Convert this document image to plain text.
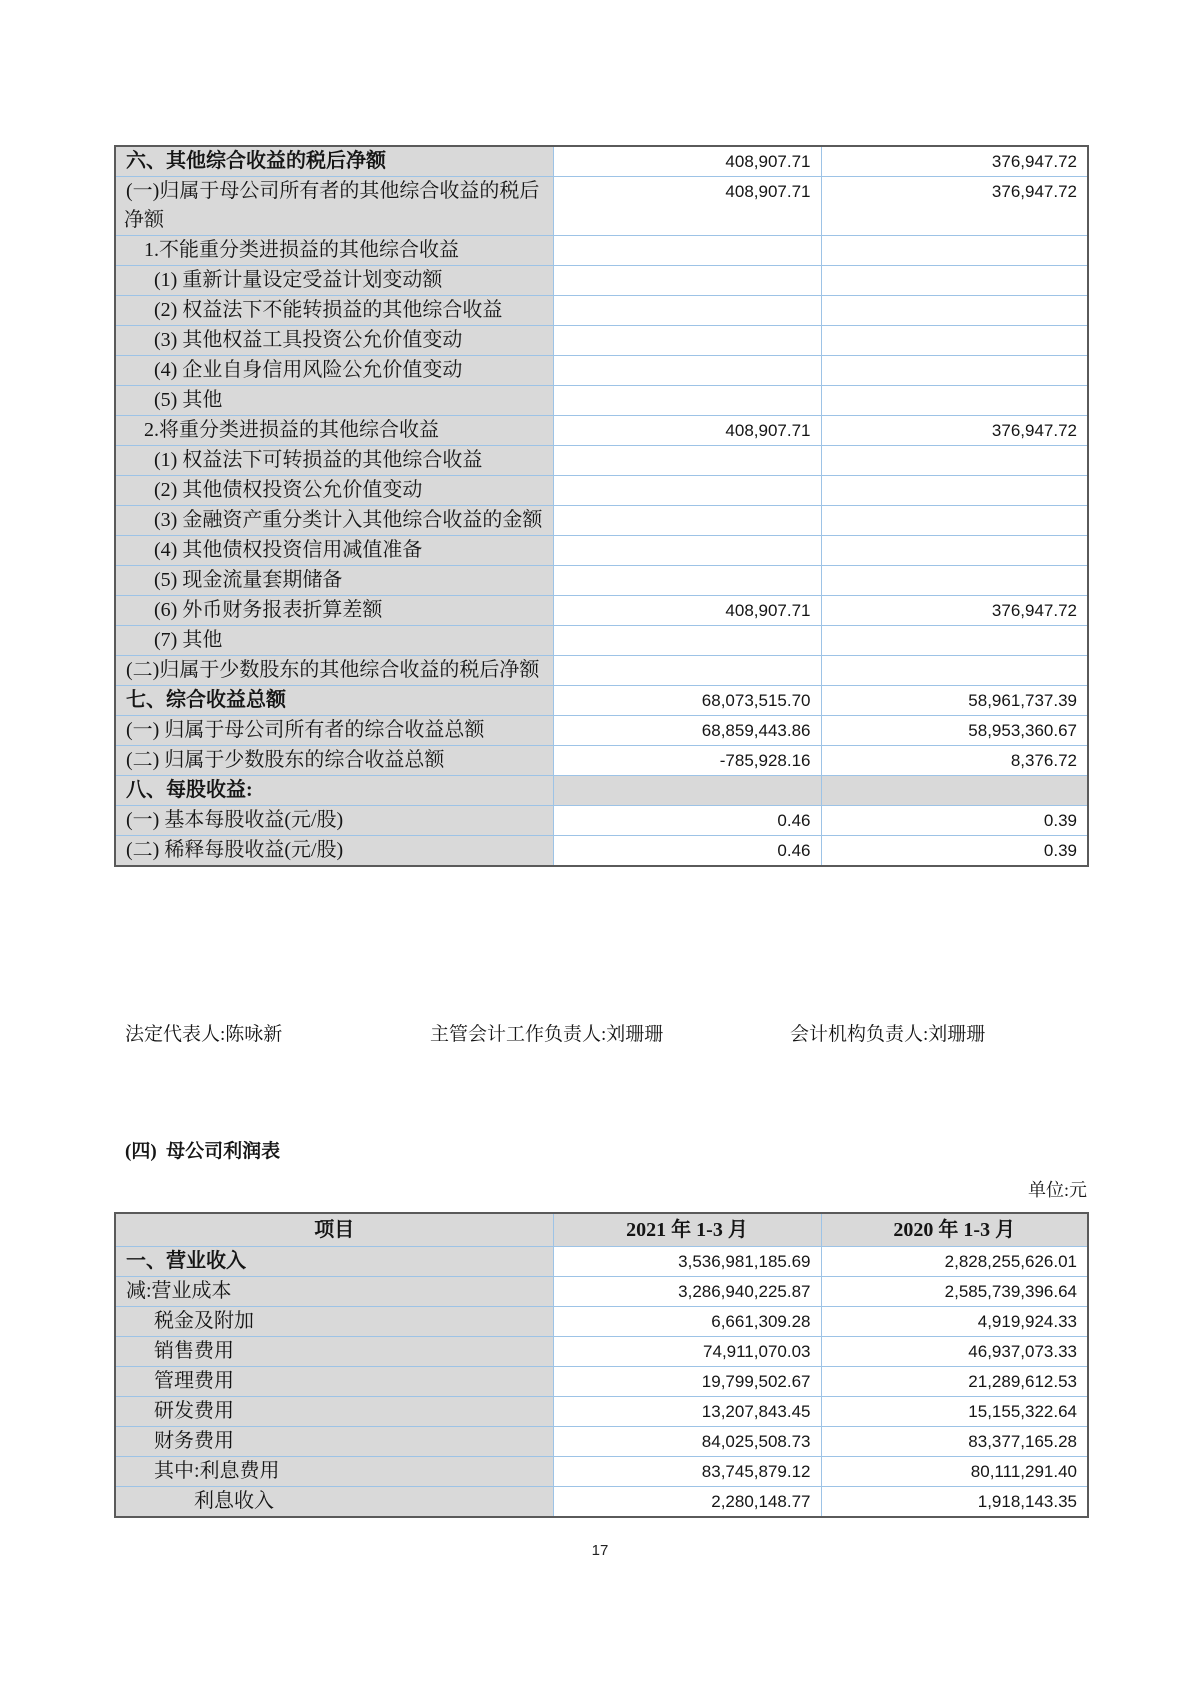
六、其他综合收益的税后净额	408,907.71	376,947.72
(一)归属于母公司所有者的其他综合收益的税后净额	408,907.71	376,947.72
1.不能重分类进损益的其他综合收益		
(1) 重新计量设定受益计划变动额		
(2) 权益法下不能转损益的其他综合收益		
(3) 其他权益工具投资公允价值变动		
(4) 企业自身信用风险公允价值变动		
(5) 其他		
2.将重分类进损益的其他综合收益	408,907.71	376,947.72
(1) 权益法下可转损益的其他综合收益		
(2) 其他债权投资公允价值变动		
(3) 金融资产重分类计入其他综合收益的金额		
(4) 其他债权投资信用减值准备		
(5) 现金流量套期储备		
(6) 外币财务报表折算差额	408,907.71	376,947.72
(7) 其他		
(二)归属于少数股东的其他综合收益的税后净额		
七、综合收益总额	68,073,515.70	58,961,737.39
(一) 归属于母公司所有者的综合收益总额	68,859,443.86	58,953,360.67
(二) 归属于少数股东的综合收益总额	-785,928.16	8,376.72
八、每股收益:		
(一) 基本每股收益(元/股)	0.46	0.39
(二) 稀释每股收益(元/股)	0.46	0.39
法定代表人:陈咏新	主管会计工作负责人:刘珊珊	会计机构负责人:刘珊珊
(四)  母公司利润表
单位:元
项目	2021 年 1-3 月	2020 年 1-3 月
一、营业收入	3,536,981,185.69	2,828,255,626.01
减:营业成本	3,286,940,225.87	2,585,739,396.64
税金及附加	6,661,309.28	4,919,924.33
销售费用	74,911,070.03	46,937,073.33
管理费用	19,799,502.67	21,289,612.53
研发费用	13,207,843.45	15,155,322.64
财务费用	84,025,508.73	83,377,165.28
其中:利息费用	83,745,879.12	80,111,291.40
利息收入	2,280,148.77	1,918,143.35
17
